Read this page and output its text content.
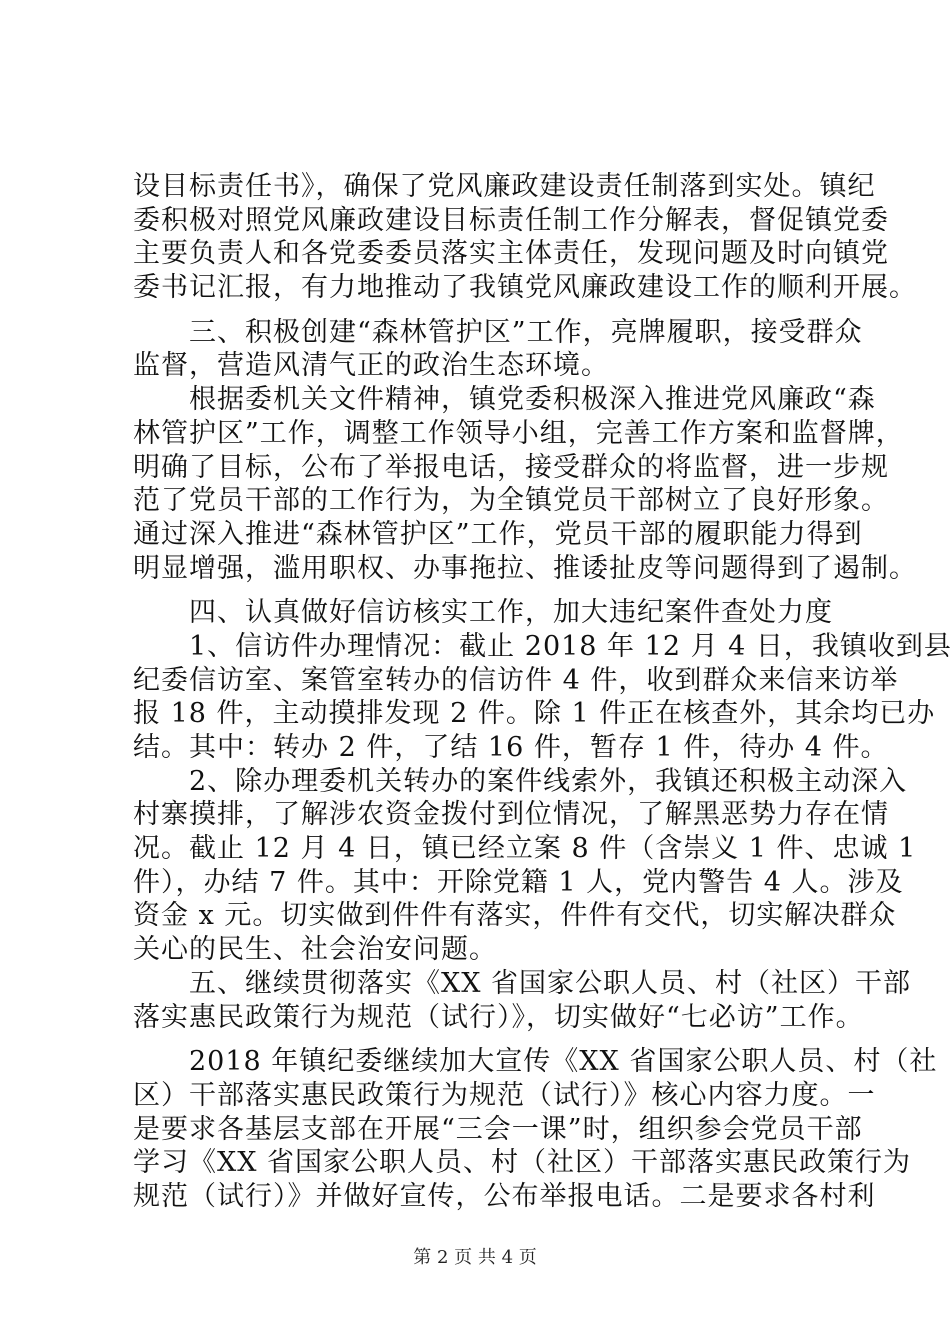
设目标责任书》，确保了党风廉政建设责任制落到实处。镇纪
委积极对照党风廉政建设目标责任制工作分解表，督促镇党委
主要负责人和各党委委员落实主体责任，发现问题及时向镇党
委书记汇报，有力地推动了我镇党风廉政建设工作的顺利开展。
　　三、积极创建“森林管护区”工作，亮牌履职，接受群众
监督，营造风清气正的政治生态环境。
　　根据委机关文件精神，镇党委积极深入推进党风廉政“森
林管护区”工作，调整工作领导小组，完善工作方案和监督牌，
明确了目标，公布了举报电话，接受群众的将监督，进一步规
范了党员干部的工作行为，为全镇党员干部树立了良好形象。
通过深入推进“森林管护区”工作，党员干部的履职能力得到
明显增强，滥用职权、办事拖拉、推诿扯皮等问题得到了遏制。
　　四、认真做好信访核实工作，加大违纪案件查处力度
　　1、信访件办理情况：截止 2018 年 12 月 4 日，我镇收到县
纪委信访室、案管室转办的信访件 4 件，收到群众来信来访举
报 18 件，主动摸排发现 2 件。除 1 件正在核查外，其余均已办
结。其中：转办 2 件，了结 16 件，暂存 1 件，待办 4 件。
　　2、除办理委机关转办的案件线索外，我镇还积极主动深入
村寨摸排，了解涉农资金拨付到位情况，了解黑恶势力存在情
况。截止 12 月 4 日，镇已经立案 8 件（含崇义 1 件、忠诚 1
件），办结 7 件。其中：开除党籍 1 人，党内警告 4 人。涉及
资金 x 元。切实做到件件有落实，件件有交代，切实解决群众
关心的民生、社会治安问题。
　　五、继续贯彻落实《XX 省国家公职人员、村（社区）干部
落实惠民政策行为规范（试行）》，切实做好“七必访”工作。
　　2018 年镇纪委继续加大宣传《XX 省国家公职人员、村（社
区）干部落实惠民政策行为规范（试行）》核心内容力度。一
是要求各基层支部在开展“三会一课”时，组织参会党员干部
学习《XX 省国家公职人员、村（社区）干部落实惠民政策行为
规范（试行）》并做好宣传，公布举报电话。二是要求各村利
第 2 页 共 4 页
